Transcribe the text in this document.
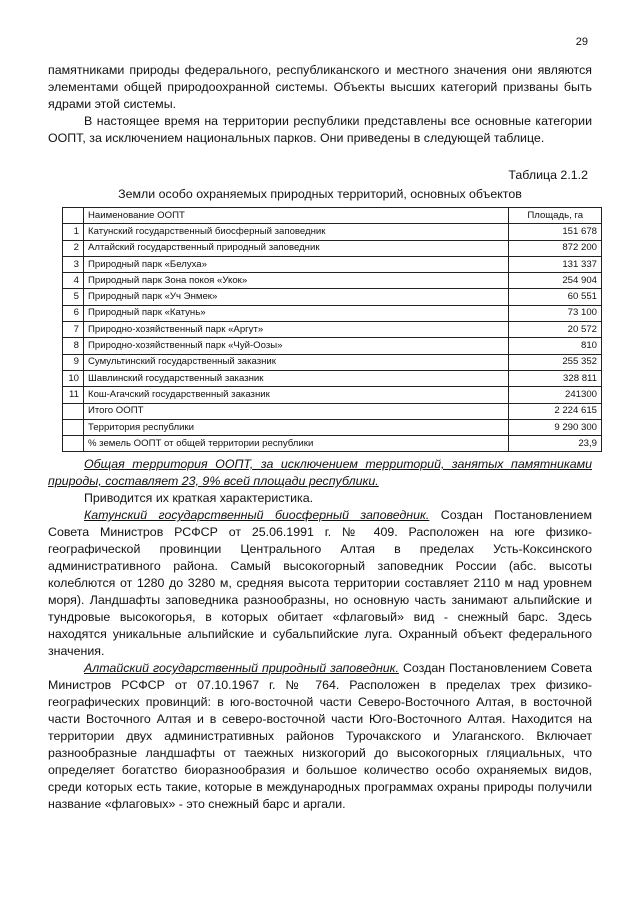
29

памятниками природы федерального, республиканского и местного значения они являются элементами общей природоохранной системы. Объекты высших категорий призваны быть ядрами этой системы.

В настоящее время на территории республики представлены все основные категории ООПТ, за исключением национальных парков. Они приведены в следующей таблице.

Таблица 2.1.2
Земли особо охраняемых природных территорий, основных объектов
	Наименование ООПТ	Площадь, га
1	Катунский государственный биосферный заповедник	151 678
2	Алтайский государственный природный заповедник	872 200
3	Природный парк «Белуха»	131 337
4	Природный парк Зона покоя «Укок»	254 904
5	Природный парк «Уч Энмек»	60 551
6	Природный парк «Катунь»	73 100
7	Природно-хозяйственный парк «Аргут»	20 572
8	Природно-хозяйственный парк «Чуй-Оозы»	810
9	Сумультинский государственный заказник	255 352
10	Шавлинский государственный заказник	328 811
11	Кош-Агачский государственный заказник	241300
	Итого ООПТ	2 224 615
	Территория республики	9 290 300
	% земель ООПТ от общей территории республики	23,9

Общая территория ООПТ, за исключением территорий, занятых памятниками природы, составляет 23, 9% всей площади республики.

Приводится их краткая характеристика.

Катунский государственный биосферный заповедник. Создан Постановлением Совета Министров РСФСР от 25.06.1991 г. № 409. Расположен на юге физико-географической провинции Центрального Алтая в пределах Усть-Коксинского административного района. Самый высокогорный заповедник России (абс. высоты колеблются от 1280 до 3280 м, средняя высота территории составляет 2110 м над уровнем моря). Ландшафты заповедника разнообразны, но основную часть занимают альпийские и тундровые высокогорья, в которых обитает «флаговый» вид - снежный барс. Здесь находятся уникальные альпийские и субальпийские луга. Охранный объект федерального значения.

Алтайский государственный природный заповедник. Создан Постановлением Совета Министров РСФСР от 07.10.1967 г. № 764. Расположен в пределах трех физико-географических провинций: в юго-восточной части Северо-Восточного Алтая, в восточной части Восточного Алтая и в северо-восточной части Юго-Восточного Алтая. Находится на территории двух административных районов Турочакского и Улаганского. Включает разнообразные ландшафты от таежных низкогорий до высокогорных гляциальных, что определяет богатство биоразнообразия и большое количество особо охраняемых видов, среди которых есть такие, которые в международных программах охраны природы получили название «флаговых» - это снежный барс и аргали.
